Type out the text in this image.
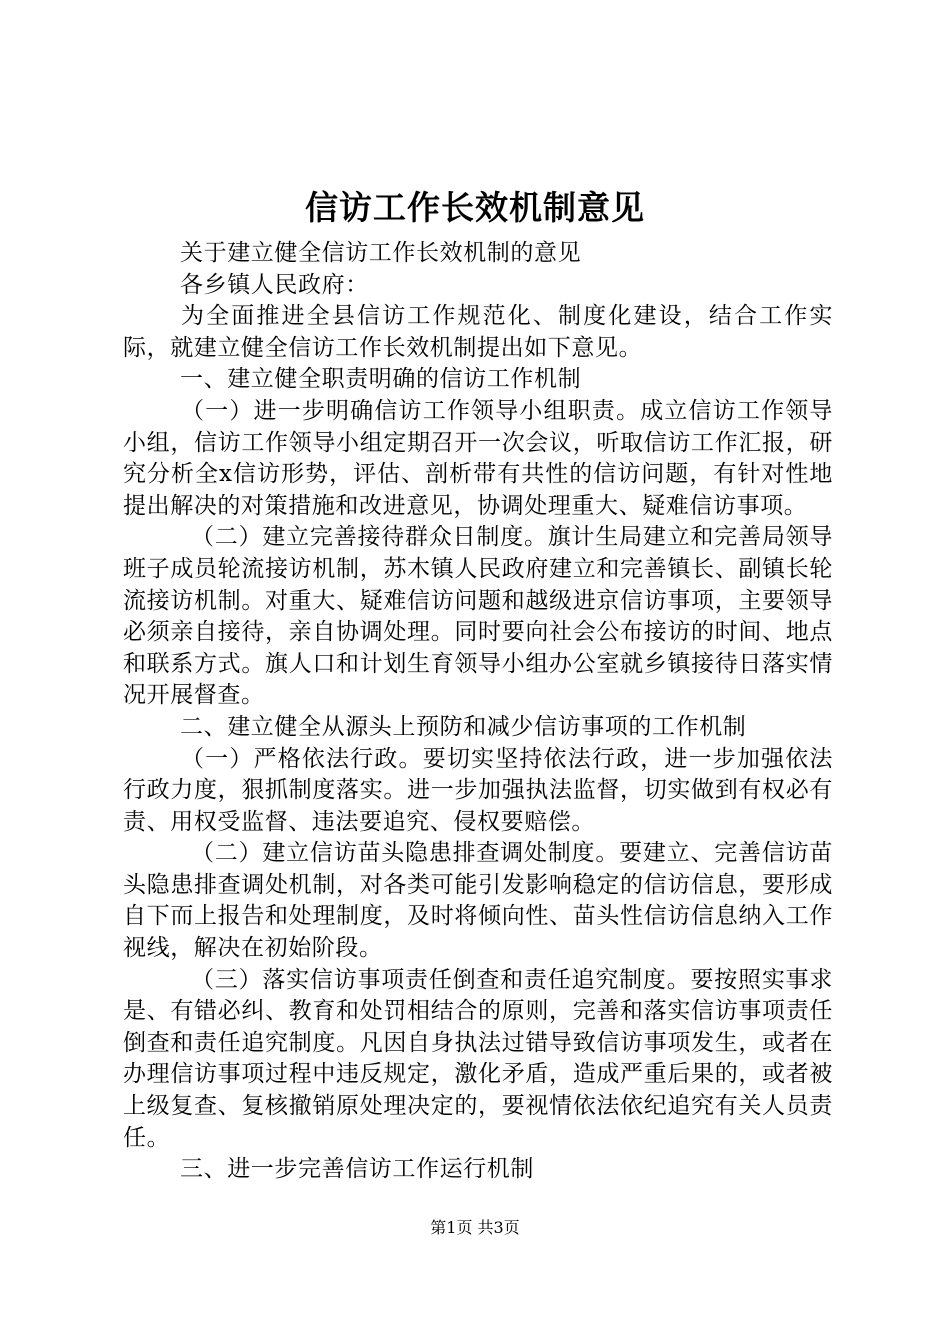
信访工作长效机制意见

关于建立健全信访工作长效机制的意见

各乡镇人民政府：

为全面推进全县信访工作规范化、制度化建设，结合工作实际，就建立健全信访工作长效机制提出如下意见。

一、建立健全职责明确的信访工作机制

（一）进一步明确信访工作领导小组职责。成立信访工作领导小组，信访工作领导小组定期召开一次会议，听取信访工作汇报，研究分析全x信访形势，评估、剖析带有共性的信访问题，有针对性地提出解决的对策措施和改进意见，协调处理重大、疑难信访事项。

（二）建立完善接待群众日制度。旗计生局建立和完善局领导班子成员轮流接访机制，苏木镇人民政府建立和完善镇长、副镇长轮流接访机制。对重大、疑难信访问题和越级进京信访事项，主要领导必须亲自接待，亲自协调处理。同时要向社会公布接访的时间、地点和联系方式。旗人口和计划生育领导小组办公室就乡镇接待日落实情况开展督查。

二、建立健全从源头上预防和减少信访事项的工作机制

（一）严格依法行政。要切实坚持依法行政，进一步加强依法行政力度，狠抓制度落实。进一步加强执法监督，切实做到有权必有责、用权受监督、违法要追究、侵权要赔偿。

（二）建立信访苗头隐患排查调处制度。要建立、完善信访苗头隐患排查调处机制，对各类可能引发影响稳定的信访信息，要形成自下而上报告和处理制度，及时将倾向性、苗头性信访信息纳入工作视线，解决在初始阶段。

（三）落实信访事项责任倒查和责任追究制度。要按照实事求是、有错必纠、教育和处罚相结合的原则，完善和落实信访事项责任倒查和责任追究制度。凡因自身执法过错导致信访事项发生，或者在办理信访事项过程中违反规定，激化矛盾，造成严重后果的，或者被上级复查、复核撤销原处理决定的，要视情依法依纪追究有关人员责任。

三、进一步完善信访工作运行机制

第1页 共3页
